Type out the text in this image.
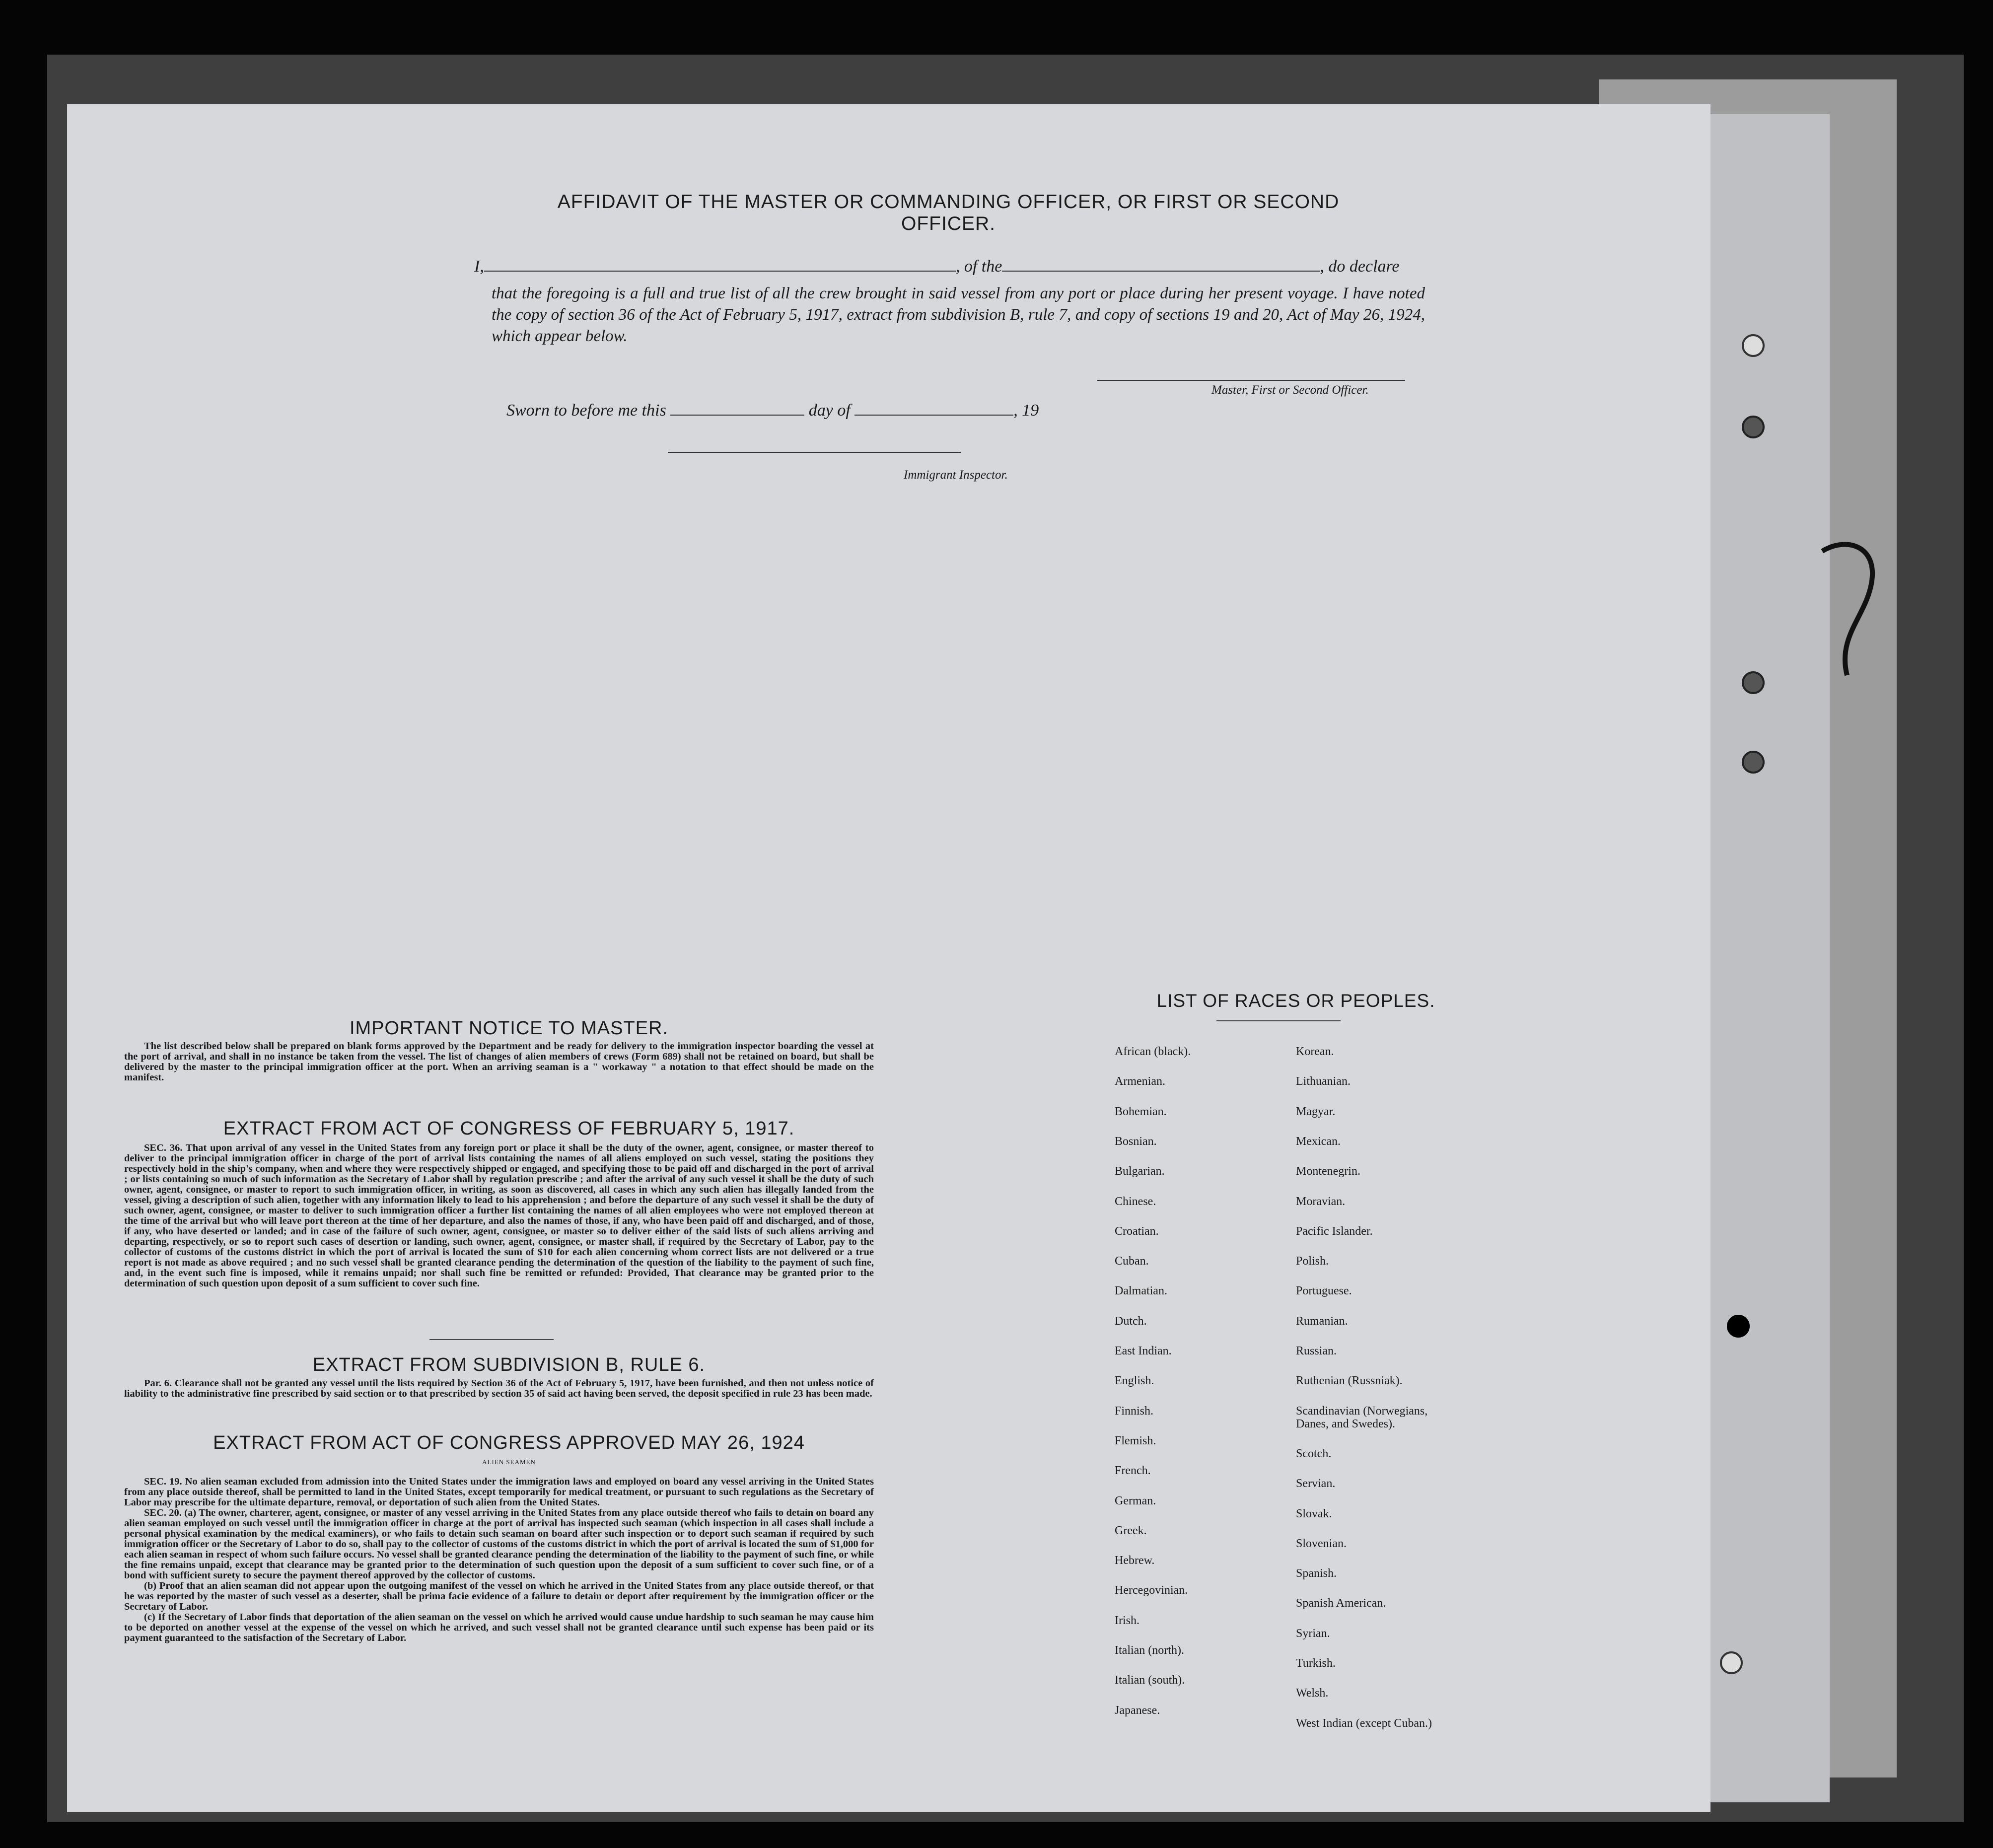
AFFIDAVIT OF THE MASTER OR COMMANDING OFFICER, OR FIRST OR SECOND OFFICER.
I,	, of the	, do declare
that the foregoing is a full and true list of all the crew brought in said vessel from any port or place during her present voyage. I have noted the copy of section 36 of the Act of February 5, 1917, extract from subdivision B, rule 7, and copy of sections 19 and 20, Act of May 26, 1924, which appear below.
Master, First or Second Officer.
Sworn to before me this	day of	, 19
Immigrant Inspector.
IMPORTANT NOTICE TO MASTER.

The list described below shall be prepared on blank forms approved by the Department and be ready for delivery to the immigration inspector boarding the vessel at the port of arrival, and shall in no instance be taken from the vessel. The list of changes of alien members of crews (Form 689) shall not be retained on board, but shall be delivered by the master to the principal immigration officer at the port. When an arriving seaman is a " workaway " a notation to that effect should be made on the manifest.

EXTRACT FROM ACT OF CONGRESS OF FEBRUARY 5, 1917.

SEC. 36. That upon arrival of any vessel in the United States from any foreign port or place it shall be the duty of the owner, agent, consignee, or master thereof to deliver to the principal immigration officer in charge of the port of arrival lists containing the names of all aliens employed on such vessel, stating the positions they respectively hold in the ship's company, when and where they were respectively shipped or engaged, and specifying those to be paid off and discharged in the port of arrival ; or lists containing so much of such information as the Secretary of Labor shall by regulation prescribe ; and after the arrival of any such vessel it shall be the duty of such owner, agent, consignee, or master to report to such immigration officer, in writing, as soon as discovered, all cases in which any such alien has illegally landed from the vessel, giving a description of such alien, together with any information likely to lead to his apprehension ; and before the departure of any such vessel it shall be the duty of such owner, agent, consignee, or master to deliver to such immigration officer a further list containing the names of all alien employees who were not employed thereon at the time of the arrival but who will leave port thereon at the time of her departure, and also the names of those, if any, who have been paid off and discharged, and of those, if any, who have deserted or landed; and in case of the failure of such owner, agent, consignee, or master so to deliver either of the said lists of such aliens arriving and departing, respectively, or so to report such cases of desertion or landing, such owner, agent, consignee, or master shall, if required by the Secretary of Labor, pay to the collector of customs of the customs district in which the port of arrival is located the sum of $10 for each alien concerning whom correct lists are not delivered or a true report is not made as above required ; and no such vessel shall be granted clearance pending the determination of the question of the liability to the payment of such fine, and, in the event such fine is imposed, while it remains unpaid; nor shall such fine be remitted or refunded: Provided, That clearance may be granted prior to the determination of such question upon deposit of a sum sufficient to cover such fine.

EXTRACT FROM SUBDIVISION B, RULE 6.

Par. 6. Clearance shall not be granted any vessel until the lists required by Section 36 of the Act of February 5, 1917, have been furnished, and then not unless notice of liability to the administrative fine prescribed by said section or to that prescribed by section 35 of said act having been served, the deposit specified in rule 23 has been made.

EXTRACT FROM ACT OF CONGRESS APPROVED MAY 26, 1924
ALIEN SEAMEN

SEC. 19. No alien seaman excluded from admission into the United States under the immigration laws and employed on board any vessel arriving in the United States from any place outside thereof, shall be permitted to land in the United States, except temporarily for medical treatment, or pursuant to such regulations as the Secretary of Labor may prescribe for the ultimate departure, removal, or deportation of such alien from the United States.

SEC. 20. (a) The owner, charterer, agent, consignee, or master of any vessel arriving in the United States from any place outside thereof who fails to detain on board any alien seaman employed on such vessel until the immigration officer in charge at the port of arrival has inspected such seaman (which inspection in all cases shall include a personal physical examination by the medical examiners), or who fails to detain such seaman on board after such inspection or to deport such seaman if required by such immigration officer or the Secretary of Labor to do so, shall pay to the collector of customs of the customs district in which the port of arrival is located the sum of $1,000 for each alien seaman in respect of whom such failure occurs. No vessel shall be granted clearance pending the determination of the liability to the payment of such fine, or while the fine remains unpaid, except that clearance may be granted prior to the determination of such question upon the deposit of a sum sufficient to cover such fine, or of a bond with sufficient surety to secure the payment thereof approved by the collector of customs.

(b) Proof that an alien seaman did not appear upon the outgoing manifest of the vessel on which he arrived in the United States from any place outside thereof, or that he was reported by the master of such vessel as a deserter, shall be prima facie evidence of a failure to detain or deport after requirement by the immigration officer or the Secretary of Labor.

(c) If the Secretary of Labor finds that deportation of the alien seaman on the vessel on which he arrived would cause undue hardship to such seaman he may cause him to be deported on another vessel at the expense of the vessel on which he arrived, and such vessel shall not be granted clearance until such expense has been paid or its payment guaranteed to the satisfaction of the Secretary of Labor.

LIST OF RACES OR PEOPLES.
African (black).
Armenian.
Bohemian.
Bosnian.
Bulgarian.
Chinese.
Croatian.
Cuban.
Dalmatian.
Dutch.
East Indian.
English.
Finnish.
Flemish.
French.
German.
Greek.
Hebrew.
Hercegovinian.
Irish.
Italian (north).
Italian (south).
Japanese.
Korean.
Lithuanian.
Magyar.
Mexican.
Montenegrin.
Moravian.
Pacific Islander.
Polish.
Portuguese.
Rumanian.
Russian.
Ruthenian (Russniak).
Scandinavian (Norwegians, Danes, and Swedes).
Scotch.
Servian.
Slovak.
Slovenian.
Spanish.
Spanish American.
Syrian.
Turkish.
Welsh.
West Indian (except Cuban.)
